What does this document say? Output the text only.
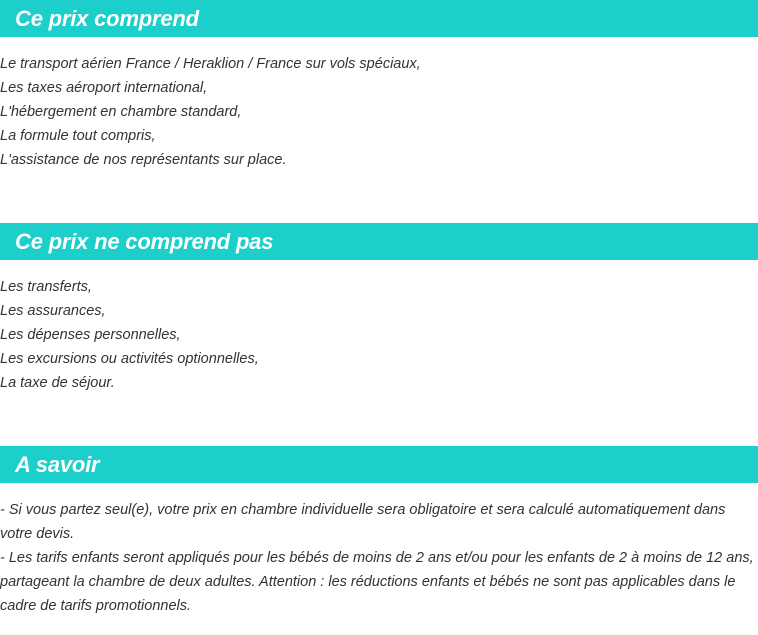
Ce prix comprend
Le transport aérien France / Heraklion / France sur vols spéciaux,
Les taxes aéroport international,
L'hébergement en chambre standard,
La formule tout compris,
L'assistance de nos représentants sur place.
Ce prix ne comprend pas
Les transferts,
Les assurances,
Les dépenses personnelles,
Les excursions ou activités optionnelles,
La taxe de séjour.
A savoir
- Si vous partez seul(e), votre prix en chambre individuelle sera obligatoire et sera calculé automatiquement dans votre devis.
- Les tarifs enfants seront appliqués pour les bébés de moins de 2 ans et/ou pour les enfants de 2 à moins de 12 ans, partageant la chambre de deux adultes. Attention : les réductions enfants et bébés ne sont pas applicables dans le cadre de tarifs promotionnels.
